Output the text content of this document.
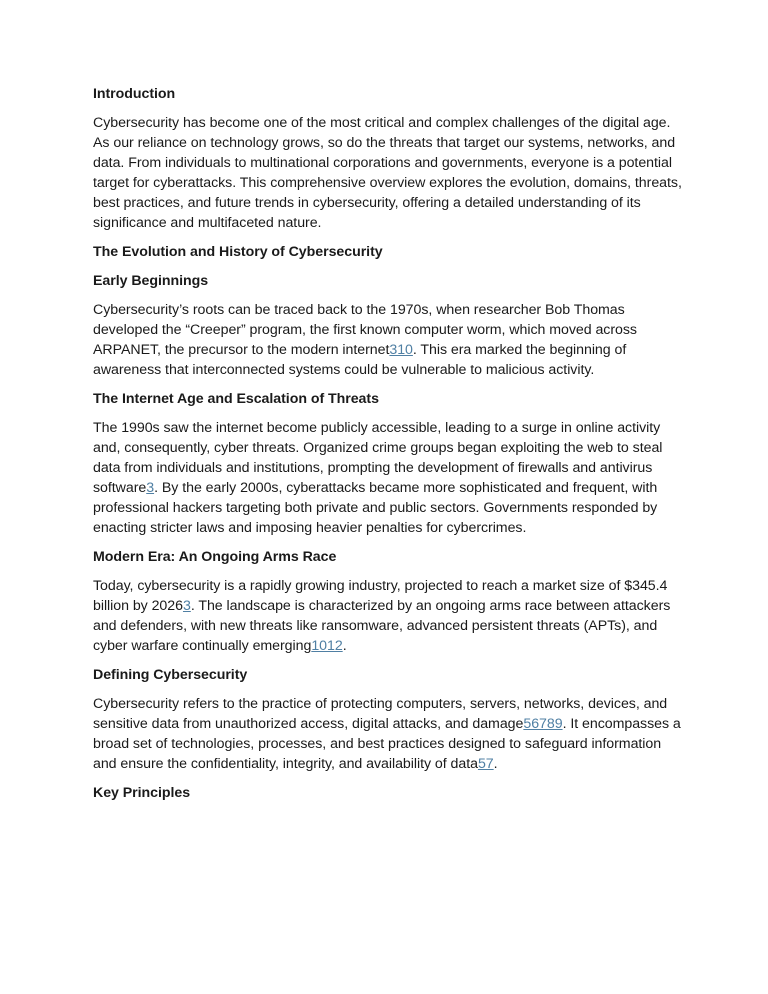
Introduction

Cybersecurity has become one of the most critical and complex challenges of the digital age. As our reliance on technology grows, so do the threats that target our systems, networks, and data. From individuals to multinational corporations and governments, everyone is a potential target for cyberattacks. This comprehensive overview explores the evolution, domains, threats, best practices, and future trends in cybersecurity, offering a detailed understanding of its significance and multifaceted nature.

The Evolution and History of Cybersecurity
Early Beginnings

Cybersecurity’s roots can be traced back to the 1970s, when researcher Bob Thomas developed the “Creeper” program, the first known computer worm, which moved across ARPANET, the precursor to the modern internet310. This era marked the beginning of awareness that interconnected systems could be vulnerable to malicious activity.

The Internet Age and Escalation of Threats

The 1990s saw the internet become publicly accessible, leading to a surge in online activity and, consequently, cyber threats. Organized crime groups began exploiting the web to steal data from individuals and institutions, prompting the development of firewalls and antivirus software3. By the early 2000s, cyberattacks became more sophisticated and frequent, with professional hackers targeting both private and public sectors. Governments responded by enacting stricter laws and imposing heavier penalties for cybercrimes.

Modern Era: An Ongoing Arms Race

Today, cybersecurity is a rapidly growing industry, projected to reach a market size of $345.4 billion by 20263. The landscape is characterized by an ongoing arms race between attackers and defenders, with new threats like ransomware, advanced persistent threats (APTs), and cyber warfare continually emerging1012.

Defining Cybersecurity

Cybersecurity refers to the practice of protecting computers, servers, networks, devices, and sensitive data from unauthorized access, digital attacks, and damage56789. It encompasses a broad set of technologies, processes, and best practices designed to safeguard information and ensure the confidentiality, integrity, and availability of data57.

Key Principles
